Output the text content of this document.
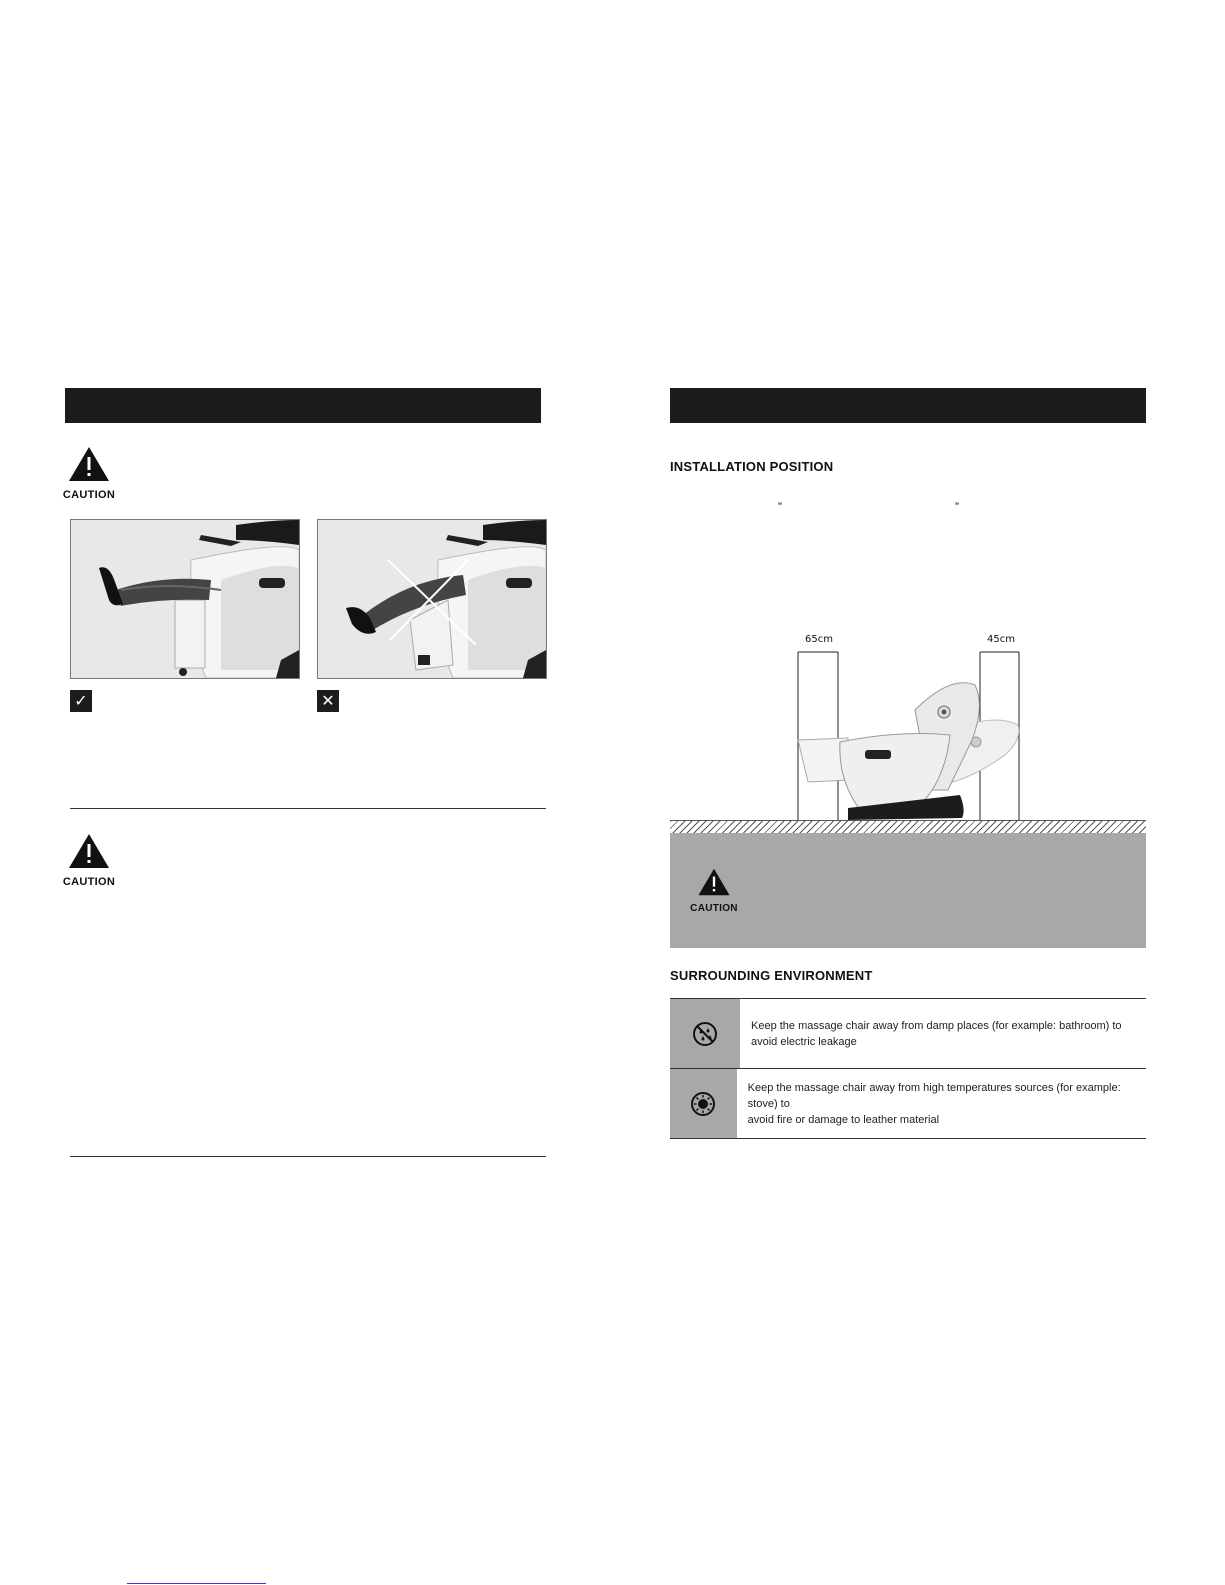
CAUTION
✓	✕
CAUTION
INSTALLATION POSITION
”	”
65cm	45cm
CAUTION
SURROUNDING ENVIRONMENT
Keep the massage chair away from damp places (for example: bathroom) to
avoid electric leakage
Keep the massage chair away from high temperatures sources (for example: stove) to
avoid fire or damage to leather material
